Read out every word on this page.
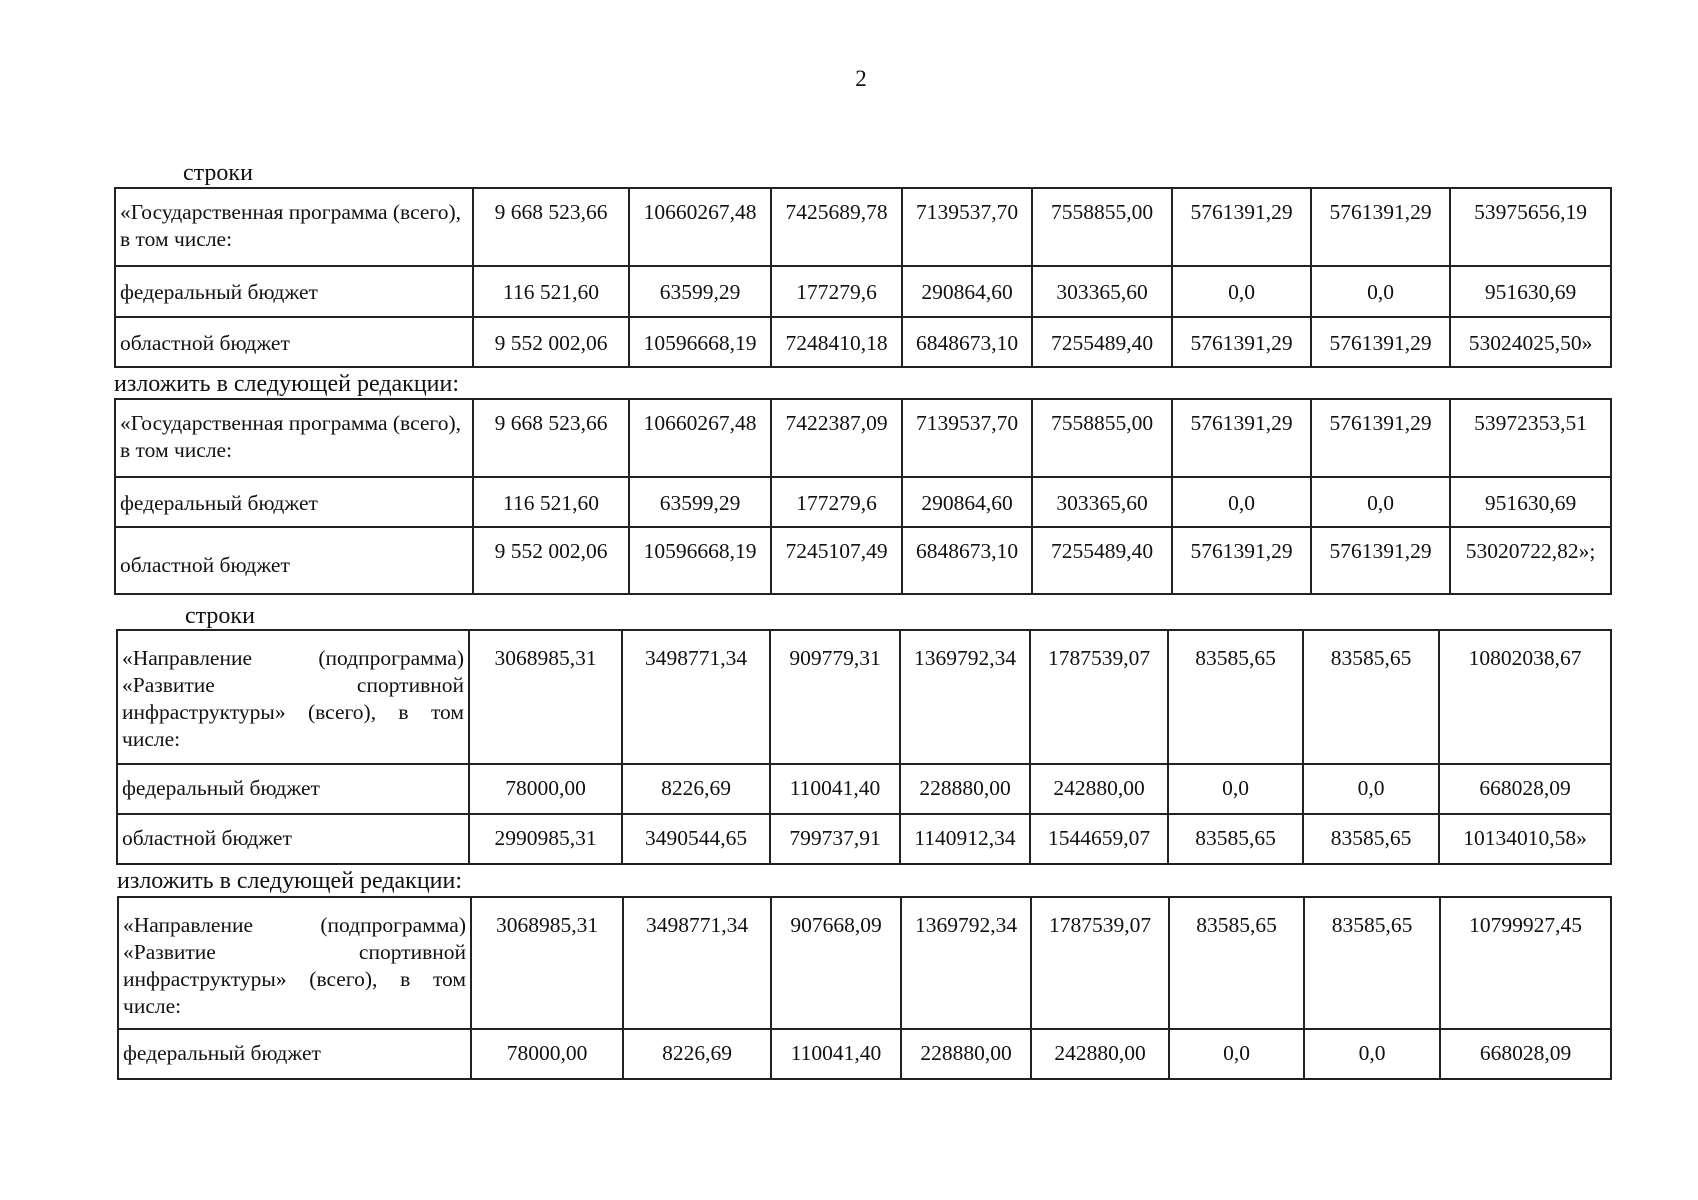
2
строки
«Государственная программа (всего), в том числе:	9 668 523,66	10660267,48	7425689,78	7139537,70	7558855,00	5761391,29	5761391,29	53975656,19
федеральный бюджет	116 521,60	63599,29	177279,6	290864,60	303365,60	0,0	0,0	951630,69
областной бюджет	9 552 002,06	10596668,19	7248410,18	6848673,10	7255489,40	5761391,29	5761391,29	53024025,50»
изложить в следующей редакции:
«Государственная программа (всего), в том числе:	9 668 523,66	10660267,48	7422387,09	7139537,70	7558855,00	5761391,29	5761391,29	53972353,51
федеральный бюджет	116 521,60	63599,29	177279,6	290864,60	303365,60	0,0	0,0	951630,69
областной бюджет	9 552 002,06	10596668,19	7245107,49	6848673,10	7255489,40	5761391,29	5761391,29	53020722,82»;
строки
«Направление (подпрограмма) «Развитие спортивной инфраструктуры» (всего), в том числе:	3068985,31	3498771,34	909779,31	1369792,34	1787539,07	83585,65	83585,65	10802038,67
федеральный бюджет	78000,00	8226,69	110041,40	228880,00	242880,00	0,0	0,0	668028,09
областной бюджет	2990985,31	3490544,65	799737,91	1140912,34	1544659,07	83585,65	83585,65	10134010,58»
изложить в следующей редакции:
«Направление (подпрограмма) «Развитие спортивной инфраструктуры» (всего), в том числе:	3068985,31	3498771,34	907668,09	1369792,34	1787539,07	83585,65	83585,65	10799927,45
федеральный бюджет	78000,00	8226,69	110041,40	228880,00	242880,00	0,0	0,0	668028,09
